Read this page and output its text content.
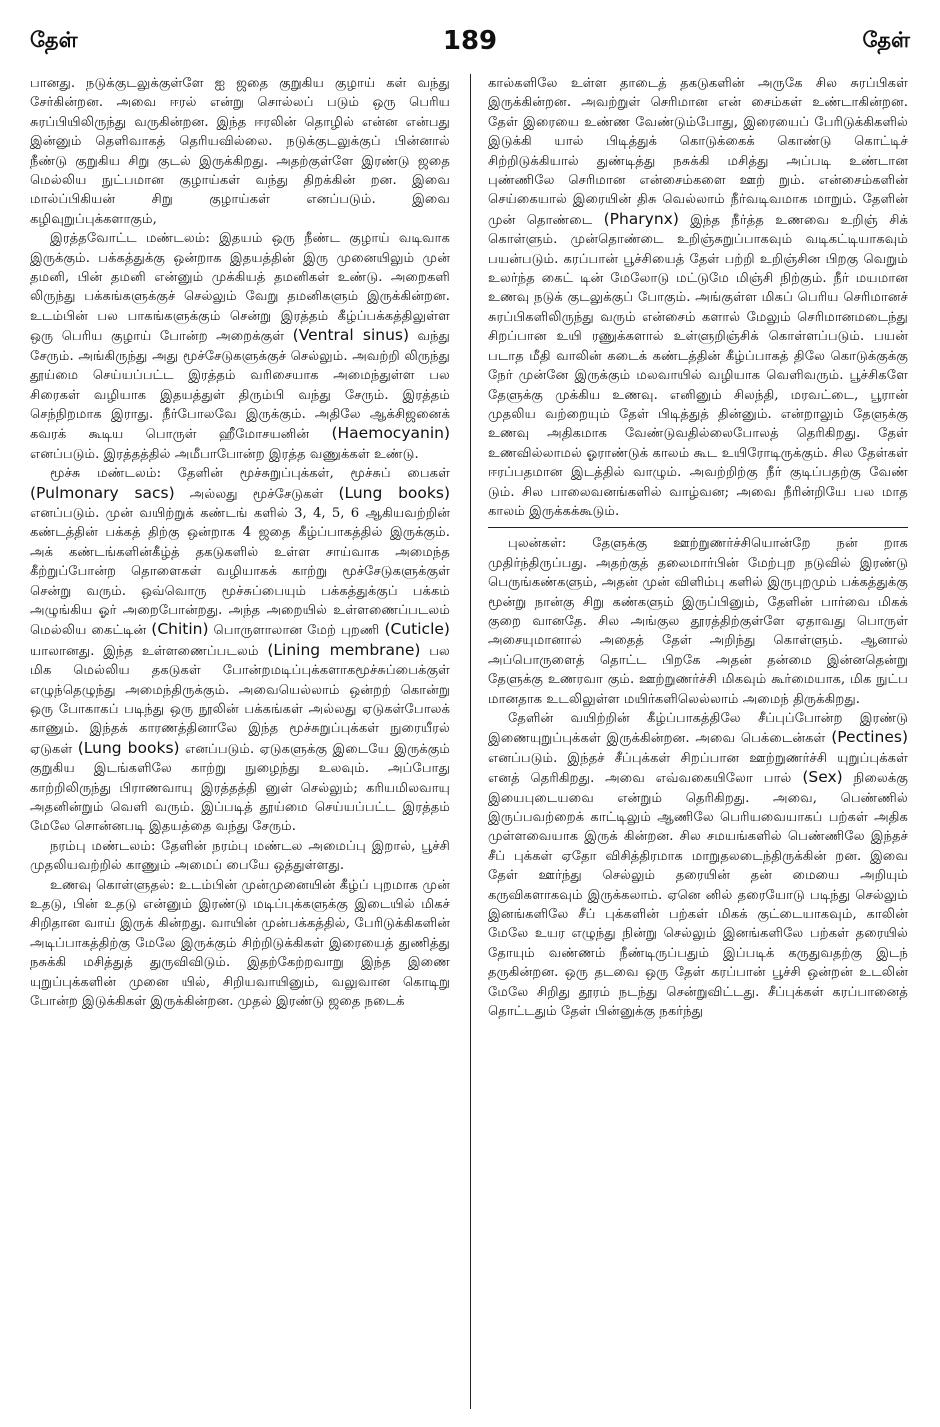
தேள்	189	தேள்

பானது. நடுக்குடலுக்குள்ளே ஐ ஜதை குறுகிய குழாய் கள் வந்து சேர்கின்றன. அவை ஈரல் என்று சொல்லப் படும் ஒரு பெரிய சுரப்பியிலிருந்து வருகின்றன. இந்த ஈரலின் தொழில் என்ன என்பது இன்னும் தெளிவாகத் தெரியவில்லை. நடுக்குடலுக்குப் பின்னால் நீண்டு குறுகிய சிறு குடல் இருக்கிறது. அதற்குள்ளே இரண்டு ஜதை மெல்லிய நுட்பமான குழாய்கள் வந்து திறக்கின் றன. இவை மால்ப்பிகியன் சிறு குழாய்கள் எனப்படும். இவை கழிவுறுப்புக்களாகும்,

இரத்தவோட்ட மண்டலம்: இதயம் ஒரு நீண்ட குழாய் வடிவாக இருக்கும். பக்கத்துக்கு ஒன்றாக இதயத்தின் இரு முனையிலும் முன் தமனி, பின் தமனி என்னும் முக்கியத் தமனிகள் உண்டு. அறைகளி லிருந்து பக்கங்களுக்குச் செல்லும் வேறு தமனிகளும் இருக்கின்றன. உடம்பின் பல பாகங்களுக்கும் சென்று இரத்தம் கீழ்ப்பக்கத்திலுள்ள ஒரு பெரிய குழாய் போன்ற அறைக்குள் (Ventral sinus) வந்து சேரும். அங்கிருந்து அது மூச்சேடுகளுக்குச் செல்லும். அவற்றி லிருந்து தூய்மை செய்யப்பட்ட இரத்தம் வரிசையாக அமைந்துள்ள பல சிரைகள் வழியாக இதயத்துள் திரும்பி வந்து சேரும். இரத்தம் செந்நிறமாக இராது. நீர்போலவே இருக்கும். அதிலே ஆக்சிஜனைக் கவரக் கூடிய பொருள் ஹீமோசயனின் (Haemocyanin) எனப்படும். இரத்தத்தில் அமீபாபோன்ற இரத்த வணுக்கள் உண்டு.

மூச்சு மண்டலம்: தேளின் மூச்சுறுப்புக்கள், மூச்சுப் பைகள் (Pulmonary sacs) அல்லது மூச்சேடுகள் (Lung books) எனப்படும். முன் வயிற்றுக் கண்டங் களில் 3, 4, 5, 6 ஆகியவற்றின் கண்டத்தின் பக்கத் திற்கு ஒன்றாக 4 ஜதை கீழ்ப்பாகத்தில் இருக்கும். அக் கண்டங்களின்கீழ்த் தகடுகளில் உள்ள சாய்வாக அமைந்த கீற்றுப்போன்ற தொளைகள் வழியாகக் காற்று மூச்சேடுகளுக்குள் சென்று வரும். ஒவ்வொரு மூச்சுப்பையும் பக்கத்துக்குப் பக்கம் அழுங்கிய ஓர் அறைபோன்றது. அந்த அறையில் உள்ளணைப்படலம் மெல்லிய கைட்டின் (Chitin) பொருளாலான மேற் புறணி (Cuticle) யாலானது. இந்த உள்ளணைப்படலம் (Lining membrane) பல மிக மெல்லிய தகடுகள் போன்றமடிப்புக்களாகமூச்சுப்பைக்குள் எழுந்தெழுந்து அமைந்திருக்கும். அவையெல்லாம் ஒன்றற் கொன்று ஒரு போகாகப் படிந்து ஒரு நூலின் பக்கங்கள் அல்லது ஏடுகள்போலக் காணும். இந்தக் காரணத்தினாலே இந்த மூச்சுறுப்புக்கள் நுரையீரல் ஏடுகள் (Lung books) எனப்படும். ஏடுகளுக்கு இடையே இருக்கும் குறுகிய இடங்களிலே காற்று நுழைந்து உலவும். அப்போது காற்றிலிருந்து பிராணவாயு இரத்தத்தி னுள் செல்லும்; கரியமிலவாயு அதனின்றும் வெளி வரும். இப்படித் தூய்மை செய்யப்பட்ட இரத்தம் மேலே சொன்னபடி இதயத்தை வந்து சேரும்.

நரம்பு மண்டலம்: தேளின் நரம்பு மண்டல அமைப்பு இறால், பூச்சி முதலியவற்றில் காணும் அமைப் பையே ஒத்துள்ளது.

உணவு கொள்ளுதல்: உடம்பின் முன்முனையின் கீழ்ப் புறமாக முன் உதடு, பின் உதடு என்னும் இரண்டு மடிப்புக்களுக்கு இடையில் மிகச் சிறிதான வாய் இருக் கின்றது. வாயின் முன்பக்கத்தில், பேரிடுக்கிகளின் அடிப்பாகத்திற்கு மேலே இருக்கும் சிற்றிடுக்கிகள் இரையைத் துணித்து நசுக்கி மசித்துத் துருவிவிடும். இதற்கேற்றவாறு இந்த இணை யுறுப்புக்களின் முனை யில், சிறியவாயினும், வலுவான கொடிறு போன்ற இடுக்கிகள் இருக்கின்றன. முதல் இரண்டு ஜதை நடைக்

கால்களிலே உள்ள தாடைத் தகடுகளின் அருகே சில சுரப்பிகள் இருக்கின்றன. அவற்றுள் செரிமான என் சைம்கள் உண்டாகின்றன. தேள் இரையை உண்ண வேண்டும்போது, இரையைப் பேரிடுக்கிகளில் இடுக்கி யால் பிடித்துக் கொடுக்கைக் கொண்டு கொட்டிச் சிற்றிடுக்கியால் துண்டித்து நசுக்கி மசித்து அப்படி உண்டான புண்ணிலே செரிமான என்சைம்களை ஊற் றும். என்சைம்களின் செய்கையால் இரையின் திசு வெல்லாம் நீர்வடிவமாக மாறும். தேளின் முன் தொண்டை (Pharynx) இந்த நீர்த்த உணவை உறிஞ் சிக் கொள்ளும். முன்தொண்டை உறிஞ்சுறுப்பாகவும் வடிகட்டியாகவும் பயன்படும். கரப்பான் பூச்சியைத் தேள் பற்றி உறிஞ்சின பிறகு வெறும் உலர்ந்த கைட் டின் மேலோடு மட்டுமே மிஞ்சி நிற்கும். நீர் மயமான உணவு நடுக் குடலுக்குப் போகும். அங்குள்ள மிகப் பெரிய செரிமானச் சுரப்பிகளிலிருந்து வரும் என்சைம் களால் மேலும் செரிமானமடைந்து சிறப்பான உயி ரணுக்களால் உள்ளுறிஞ்சிக் கொள்ளப்படும். பயன் படாத மீதி வாலின் கடைக் கண்டத்தின் கீழ்ப்பாகத் திலே கொடுக்குக்கு நேர் முன்னே இருக்கும் மலவாயில் வழியாக வெளிவரும். பூச்சிகளே தேளுக்கு முக்கிய உணவு. எனினும் சிலந்தி, மரவட்டை, பூரான் முதலிய வற்றையும் தேள் பிடித்துத் தின்னும். என்றாலும் தேளுக்கு உணவு அதிகமாக வேண்டுவதில்லைபோலத் தெரிகிறது. தேள் உணவில்லாமல் ஓராண்டுக் காலம் கூட உயிரோடிருக்கும். சில தேள்கள் ஈரப்பதமான இடத்தில் வாழும். அவற்றிற்கு நீர் குடிப்பதற்கு வேண் டும். சில பாலைவனங்களில் வாழ்வன; அவை நீரின்றியே பல மாத காலம் இருக்கக்கூடும்.

புலன்கள்: தேளுக்கு ஊற்றுணர்ச்சியொன்றே நன் றாக முதிர்ந்திருப்பது. அதற்குத் தலைமார்பின் மேற்புற நடுவில் இரண்டு பெருங்கண்களும், அதன் முன் விளிம்பு களில் இருபுறமும் பக்கத்துக்கு மூன்று நான்கு சிறு கண்களும் இருப்பினும், தேளின் பார்வை மிகக் குறை வானதே. சில அங்குல தூரத்திற்குள்ளே ஏதாவது பொருள் அசையுமானால் அதைத் தேள் அறிந்து கொள்ளும். ஆனால் அப்பொருளைத் தொட்ட பிறகே அதன் தன்மை இன்னதென்று தேளுக்கு உணரவா கும். ஊற்றுணர்ச்சி மிகவும் கூர்மையாக, மிக நுட்ப மானதாக உடலிலுள்ள மயிர்களிலெல்லாம் அமைந் திருக்கிறது.

தேளின் வயிற்றின் கீழ்ப்பாகத்திலே சீப்புப்போன்ற இரண்டு இணையுறுப்புக்கள் இருக்கின்றன. அவை பெக்டைன்கள் (Pectines) எனப்படும். இந்தச் சீப்புக்கள் சிறப்பான ஊற்றுணர்ச்சி யுறுப்புக்கள் எனத் தெரிகிறது. அவை எவ்வகையிலோ பால் (Sex) நிலைக்கு இயைபுடையவை என்றும் தெரிகிறது. அவை, பெண்ணில் இருப்பவற்றைக் காட்டிலும் ஆணிலே பெரியவையாகப் பற்கள் அதிக முள்ளவையாக இருக் கின்றன. சில சமயங்களில் பெண்ணிலே இந்தச் சீப் புக்கள் ஏதோ விசித்திரமாக மாறுதலடைந்திருக்கின் றன. இவை தேள் ஊர்ந்து செல்லும் தரையின் தன் மையை அறியும் கருவிகளாகவும் இருக்கலாம். ஏனெ னில் தரையோடு படிந்து செல்லும் இனங்களிலே சீப் புக்களின் பற்கள் மிகக் குட்டையாகவும், காலின் மேலே உயர எழுந்து நின்று செல்லும் இனங்களிலே பற்கள் தரையில் தோயும் வண்ணம் நீண்டிருப்பதும் இப்படிக் கருதுவதற்கு இடந் தருகின்றன. ஒரு தடவை ஒரு தேள் கரப்பான் பூச்சி ஒன்றன் உடலின் மேலே சிறிது தூரம் நடந்து சென்றுவிட்டது. சீப்புக்கள் கரப்பானைத் தொட்டதும் தேள் பின்னுக்கு நகர்ந்து
